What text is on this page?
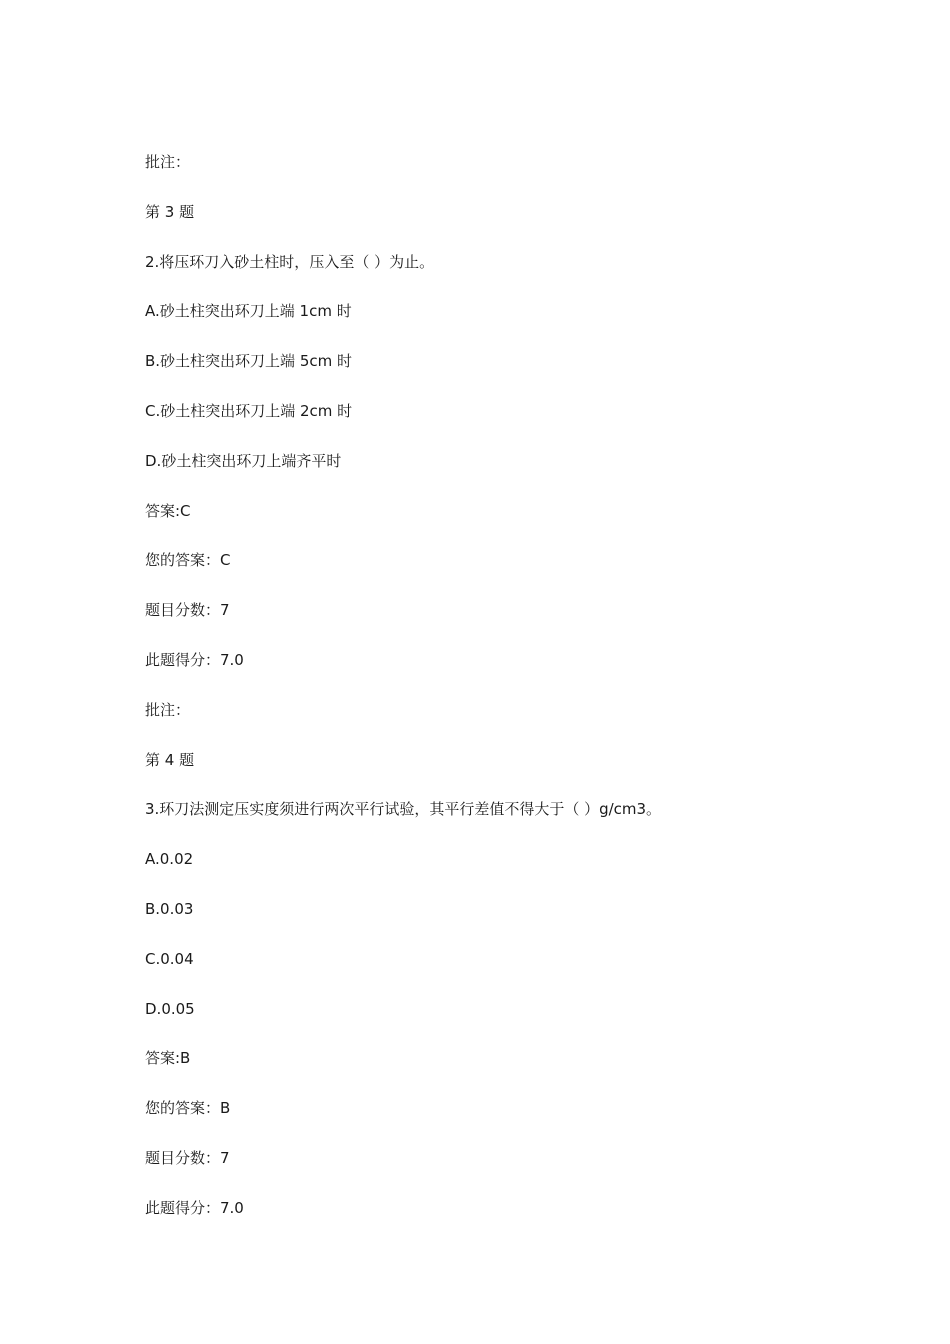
批注：
第 3 题
2.将压环刀入砂土柱时，压入至（ ）为止。
A.砂土柱突出环刀上端 1cm 时
B.砂土柱突出环刀上端 5cm 时
C.砂土柱突出环刀上端 2cm 时
D.砂土柱突出环刀上端齐平时
答案:C
您的答案：C
题目分数：7
此题得分：7.0
批注：
第 4 题
3.环刀法测定压实度须进行两次平行试验，其平行差值不得大于（ ）g/cm3。
A.0.02
B.0.03
C.0.04
D.0.05
答案:B
您的答案：B
题目分数：7
此题得分：7.0
